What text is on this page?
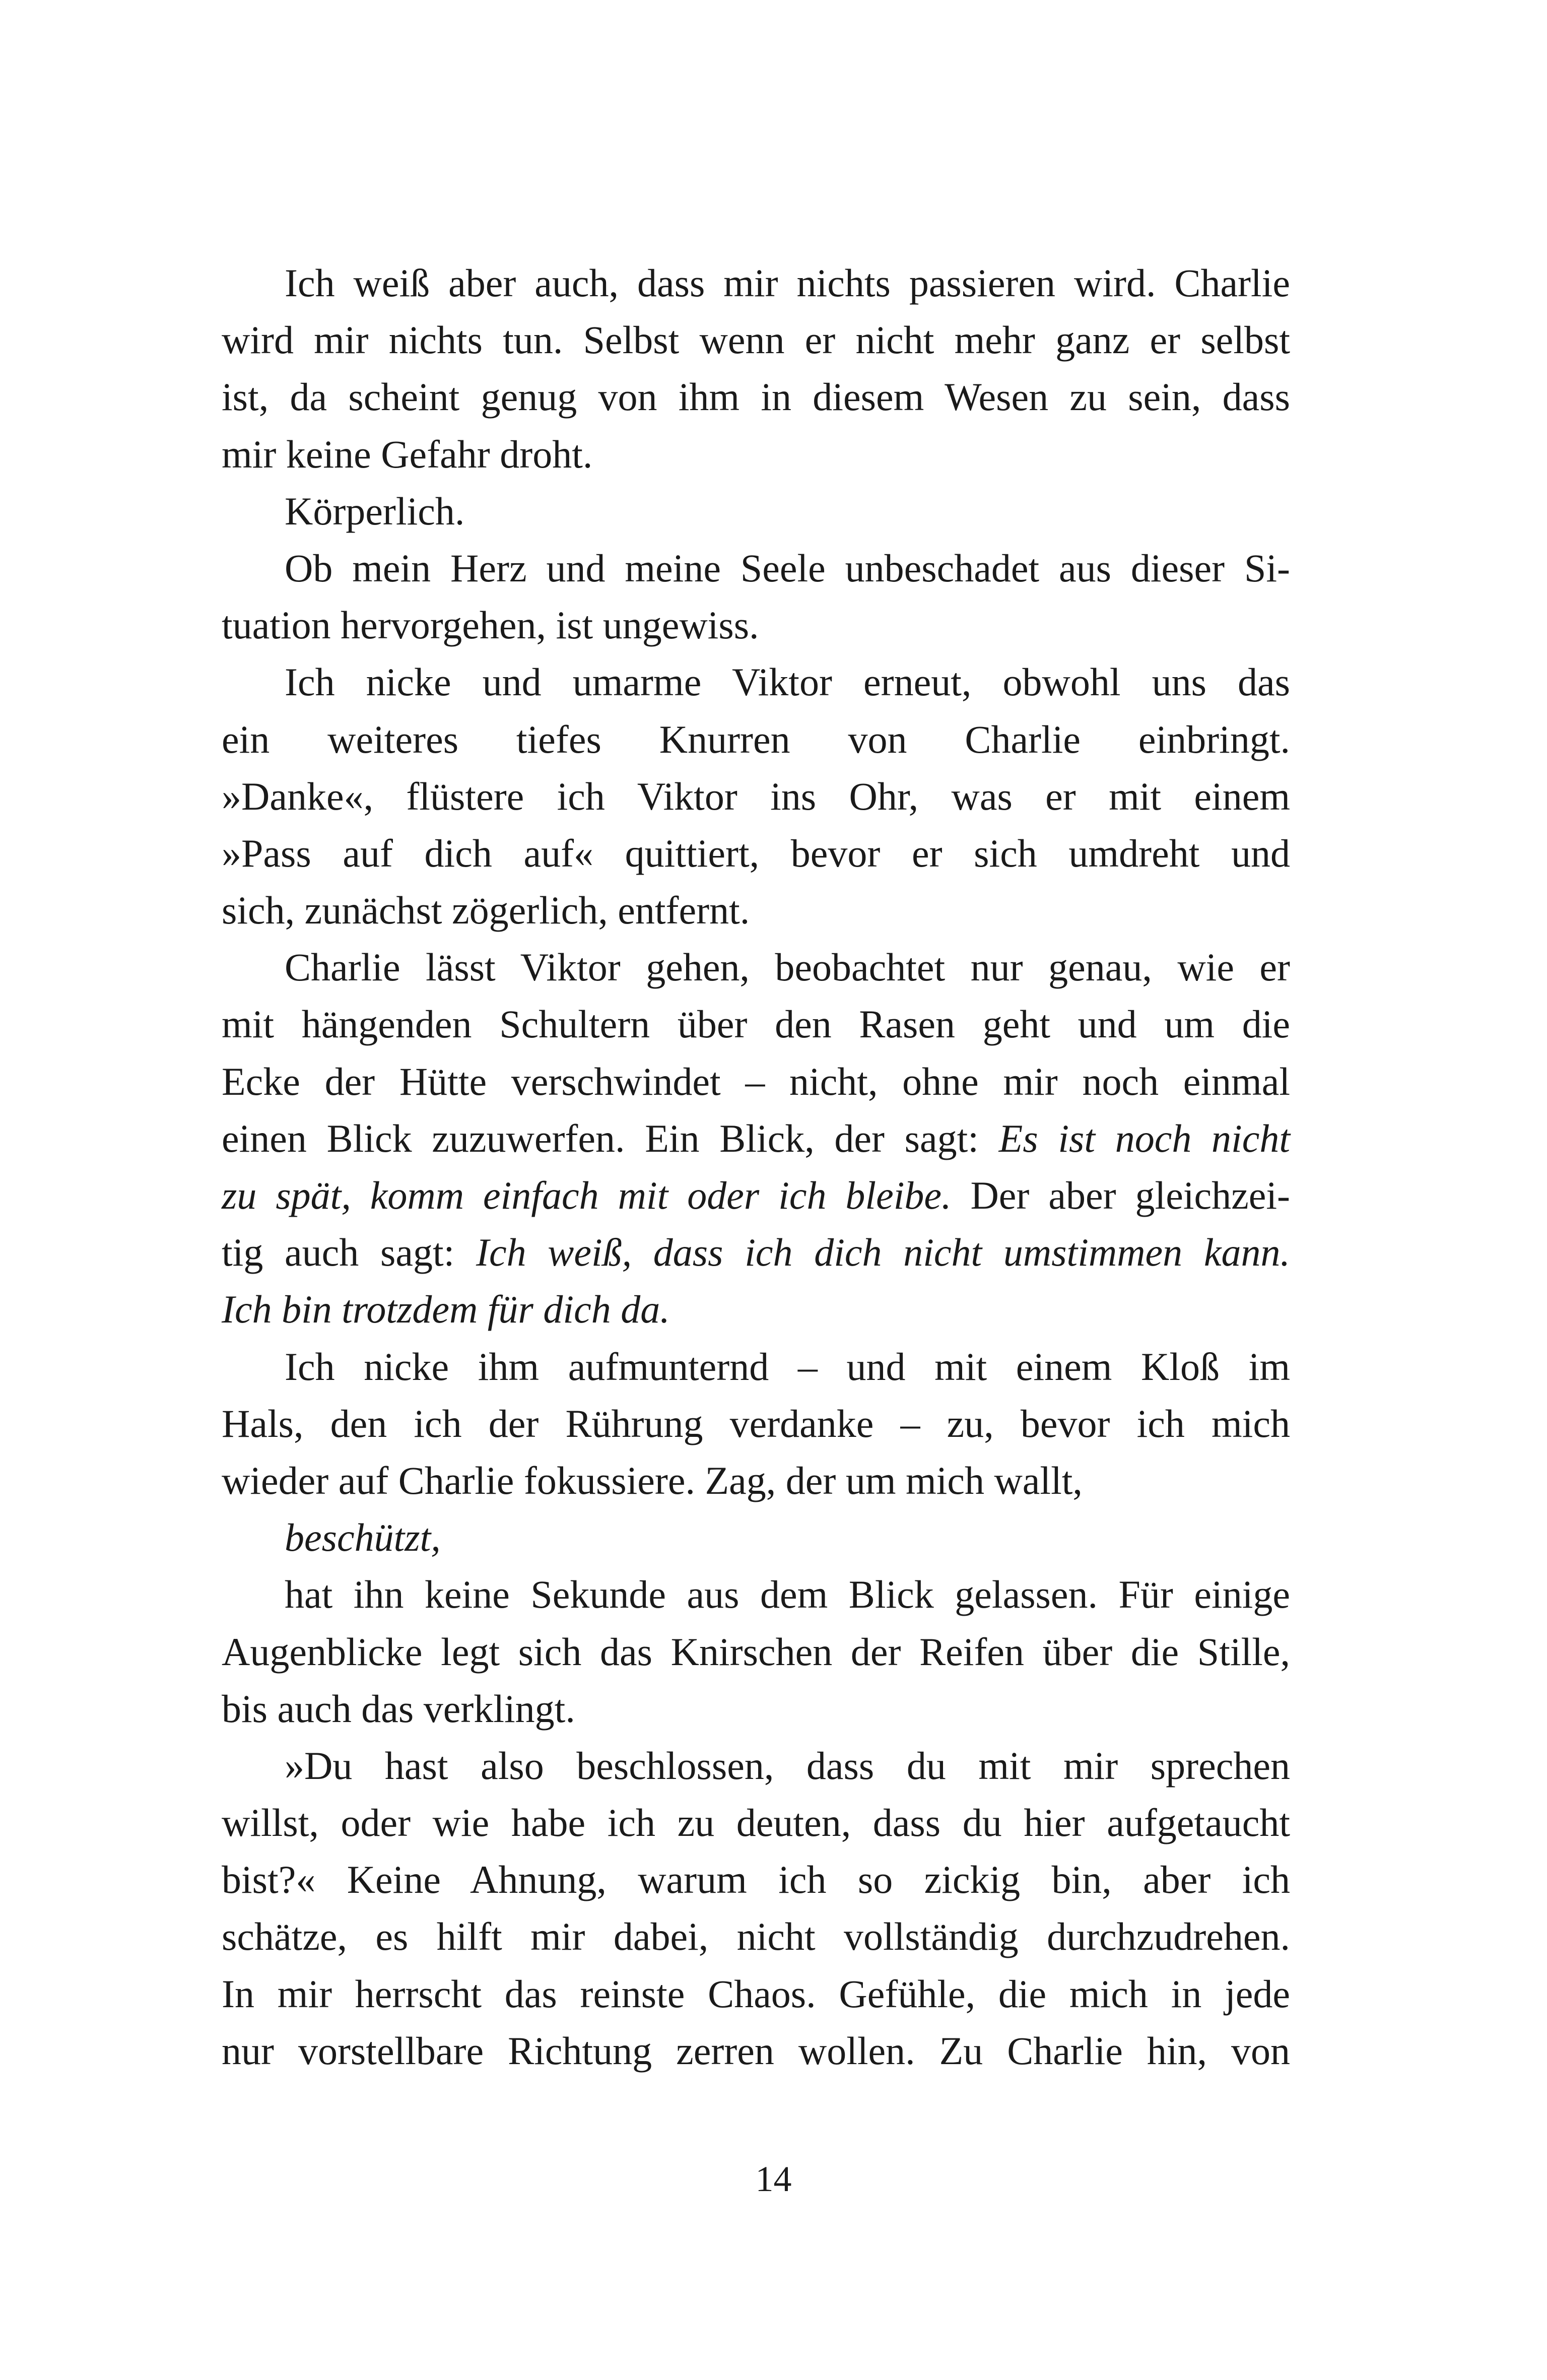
Ich weiß aber auch, dass mir nichts passieren wird. Charlie
wird mir nichts tun. Selbst wenn er nicht mehr ganz er selbst
ist, da scheint genug von ihm in diesem Wesen zu sein, dass
mir keine Gefahr droht.
Körperlich.
Ob mein Herz und meine Seele unbeschadet aus dieser Si-
tuation hervorgehen, ist ungewiss.
Ich nicke und umarme Viktor erneut, obwohl uns das
ein weiteres tiefes Knurren von Charlie einbringt.
»Danke«, flüstere ich Viktor ins Ohr, was er mit einem
»Pass auf dich auf« quittiert, bevor er sich umdreht und
sich, zunächst zögerlich, entfernt.
Charlie lässt Viktor gehen, beobachtet nur genau, wie er
mit hängenden Schultern über den Rasen geht und um die
Ecke der Hütte verschwindet – nicht, ohne mir noch einmal
einen Blick zuzuwerfen. Ein Blick, der sagt: Es ist noch nicht
zu spät, komm einfach mit oder ich bleibe. Der aber gleichzei-
tig auch sagt: Ich weiß, dass ich dich nicht umstimmen kann.
Ich bin trotzdem für dich da.
Ich nicke ihm aufmunternd – und mit einem Kloß im
Hals, den ich der Rührung verdanke – zu, bevor ich mich
wieder auf Charlie fokussiere. Zag, der um mich wallt,
beschützt,
hat ihn keine Sekunde aus dem Blick gelassen. Für einige
Augenblicke legt sich das Knirschen der Reifen über die Stille,
bis auch das verklingt.
»Du hast also beschlossen, dass du mit mir sprechen
willst, oder wie habe ich zu deuten, dass du hier aufgetaucht
bist?« Keine Ahnung, warum ich so zickig bin, aber ich
schätze, es hilft mir dabei, nicht vollständig durchzudrehen.
In mir herrscht das reinste Chaos. Gefühle, die mich in jede
nur vorstellbare Richtung zerren wollen. Zu Charlie hin, von
14
